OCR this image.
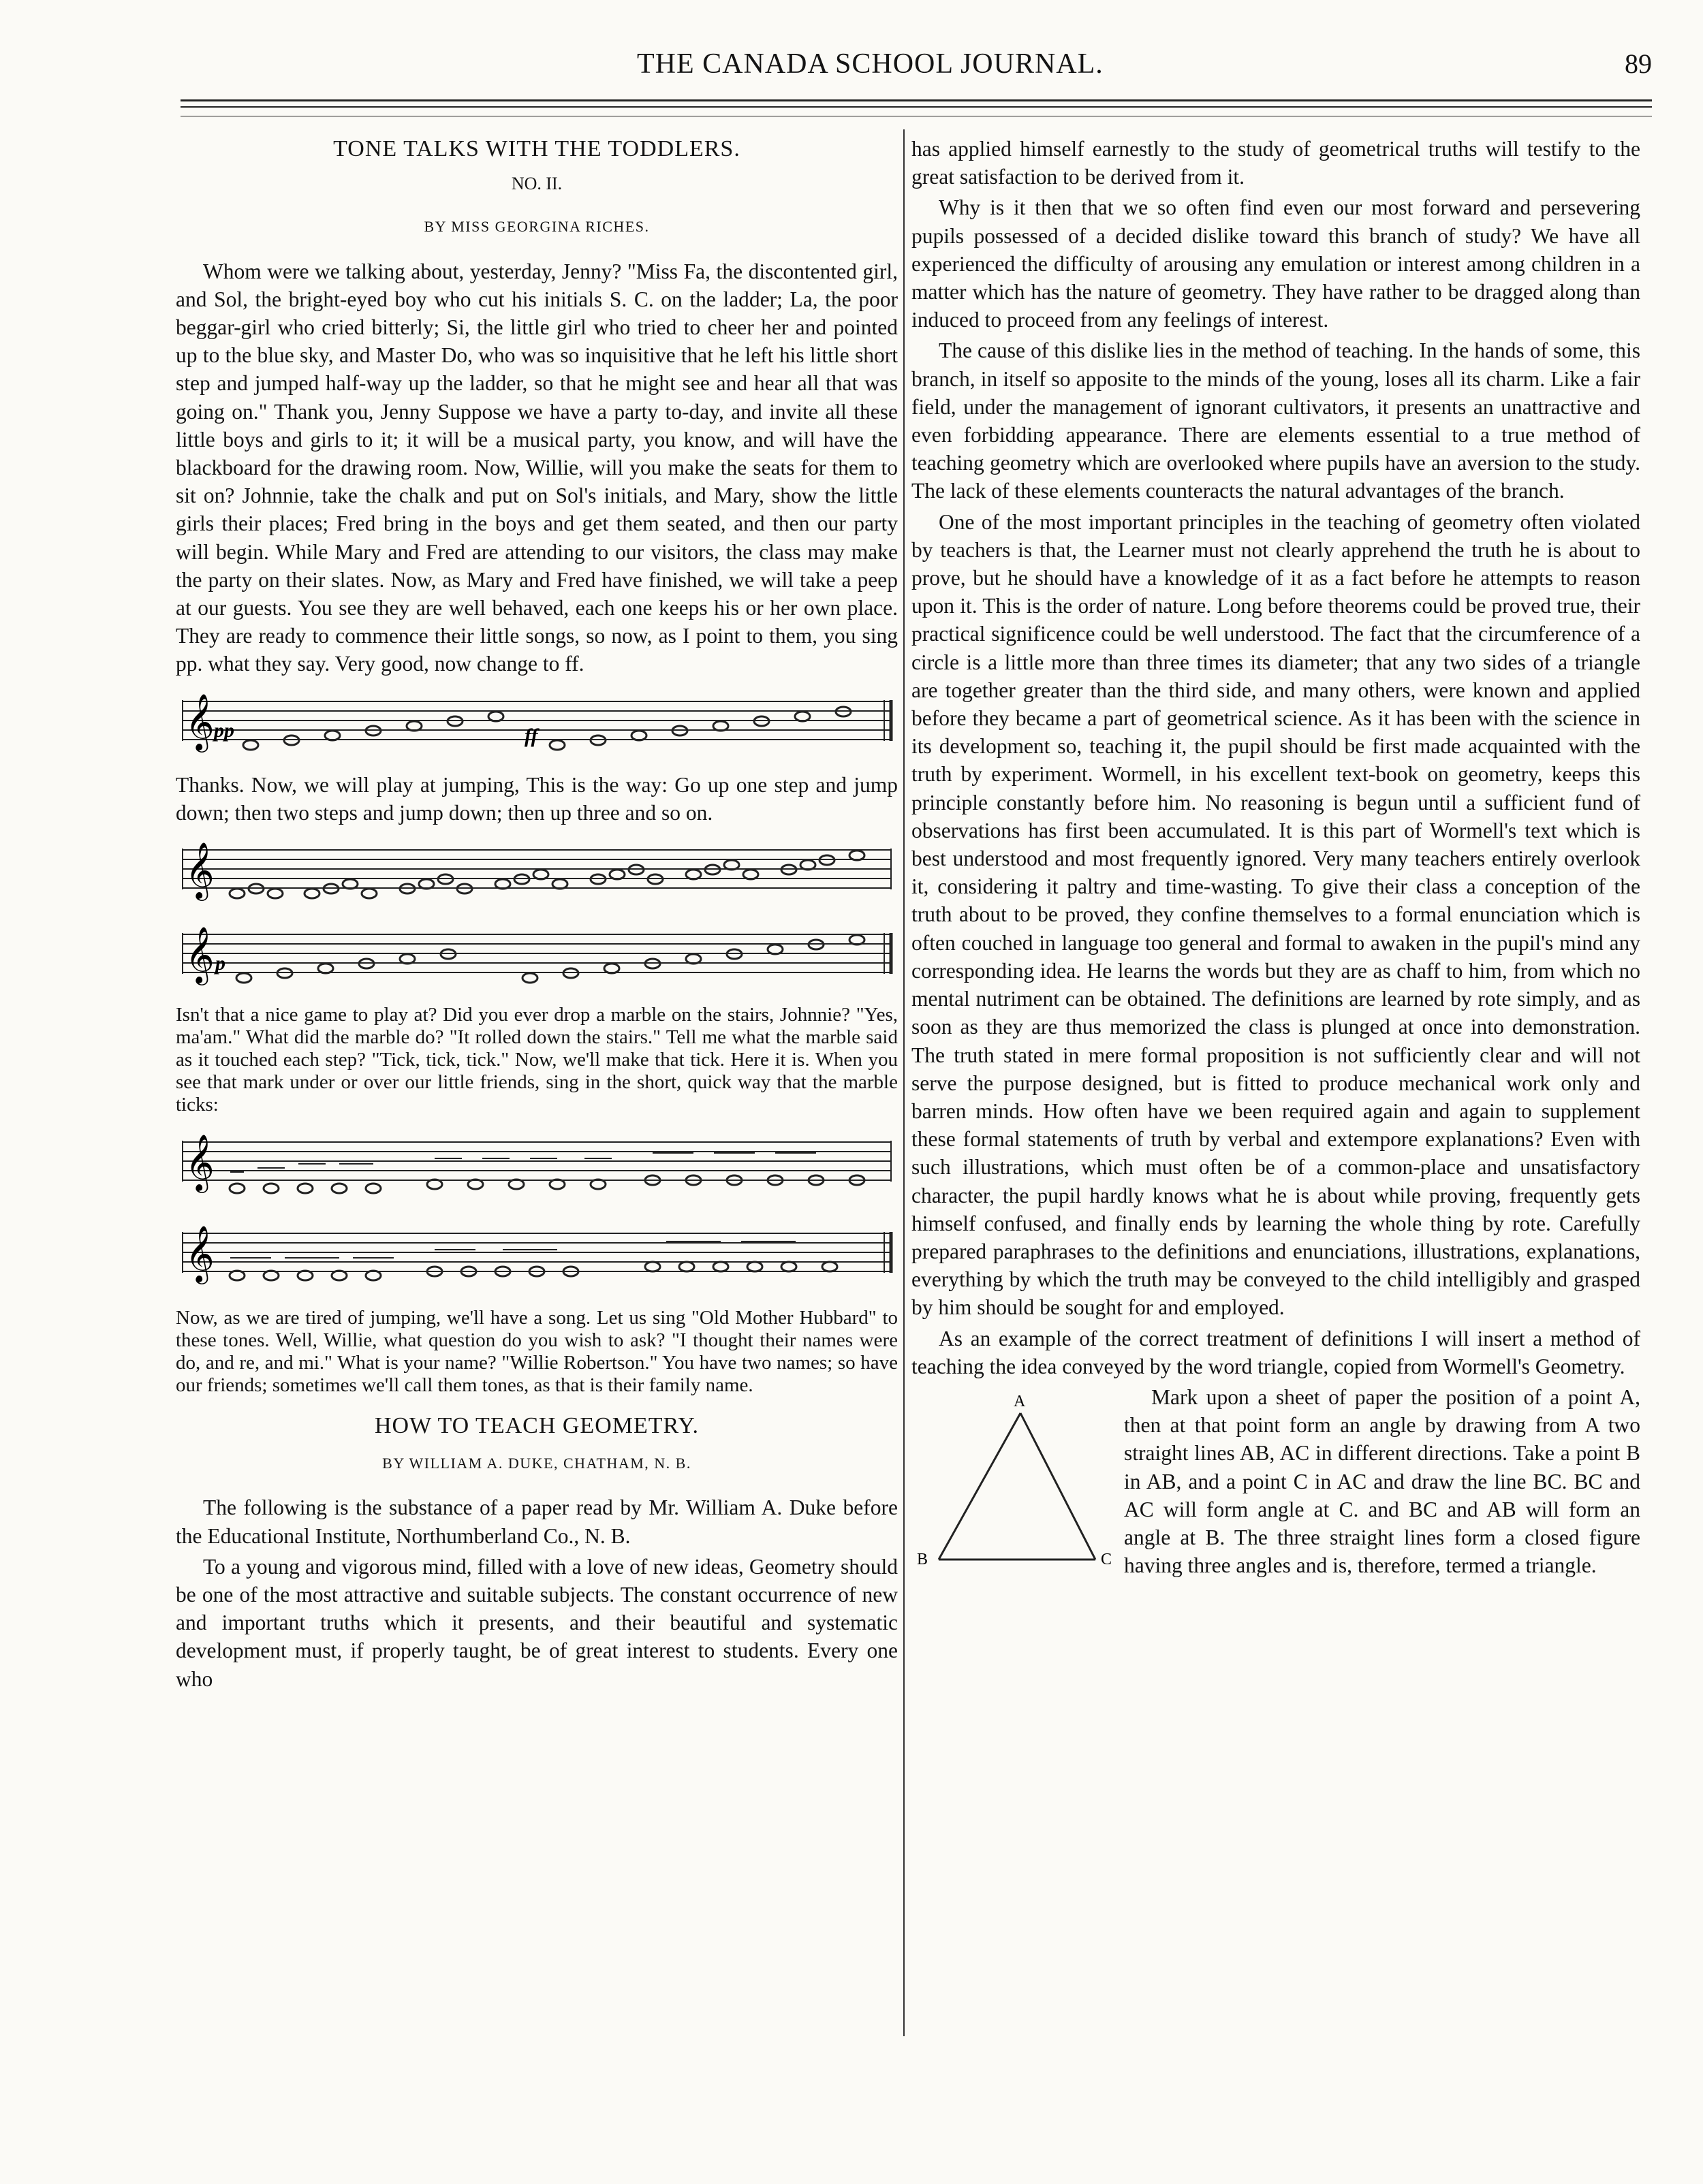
THE CANADA SCHOOL JOURNAL.	89
TONE TALKS WITH THE TODDLERS.
NO. II.
BY MISS GEORGINA RICHES.

Whom were we talking about, yesterday, Jenny? "Miss Fa, the discontented girl, and Sol, the bright-eyed boy who cut his initials S. C. on the ladder; La, the poor beggar-girl who cried bitterly; Si, the little girl who tried to cheer her and pointed up to the blue sky, and Master Do, who was so inquisitive that he left his little short step and jumped half-way up the ladder, so that he might see and hear all that was going on." Thank you, Jenny Suppose we have a party to-day, and invite all these little boys and girls to it; it will be a musical party, you know, and will have the blackboard for the drawing room. Now, Willie, will you make the seats for them to sit on? Johnnie, take the chalk and put on Sol's initials, and Mary, show the little girls their places; Fred bring in the boys and get them seated, and then our party will begin. While Mary and Fred are attending to our visitors, the class may make the party on their slates. Now, as Mary and Fred have finished, we will take a peep at our guests. You see they are well behaved, each one keeps his or her own place. They are ready to commence their little songs, so now, as I point to them, you sing pp. what they say. Very good, now change to ff.

𝄞 pp	ff

Thanks. Now, we will play at jumping, This is the way: Go up one step and jump down; then two steps and jump down; then up three and so on.

𝄞
𝄞 p

Isn't that a nice game to play at? Did you ever drop a marble on the stairs, Johnnie? "Yes, ma'am." What did the marble do? "It rolled down the stairs." Tell me what the marble said as it touched each step? "Tick, tick, tick." Now, we'll make that tick. Here it is. When you see that mark under or over our little friends, sing in the short, quick way that the marble ticks:

𝄞
𝄞

Now, as we are tired of jumping, we'll have a song. Let us sing "Old Mother Hubbard" to these tones. Well, Willie, what question do you wish to ask? "I thought their names were do, and re, and mi." What is your name? "Willie Robertson." You have two names; so have our friends; sometimes we'll call them tones, as that is their family name.

HOW TO TEACH GEOMETRY.
BY WILLIAM A. DUKE, CHATHAM, N. B.

The following is the substance of a paper read by Mr. William A. Duke before the Educational Institute, Northumberland Co., N. B.

To a young and vigorous mind, filled with a love of new ideas, Geometry should be one of the most attractive and suitable subjects. The constant occurrence of new and important truths which it presents, and their beautiful and systematic development must, if properly taught, be of great interest to students. Every one who

has applied himself earnestly to the study of geometrical truths will testify to the great satisfaction to be derived from it.

Why is it then that we so often find even our most forward and persevering pupils possessed of a decided dislike toward this branch of study? We have all experienced the difficulty of arousing any emulation or interest among children in a matter which has the nature of geometry. They have rather to be dragged along than induced to proceed from any feelings of interest.

The cause of this dislike lies in the method of teaching. In the hands of some, this branch, in itself so apposite to the minds of the young, loses all its charm. Like a fair field, under the management of ignorant cultivators, it presents an unattractive and even forbidding appearance. There are elements essential to a true method of teaching geometry which are overlooked where pupils have an aversion to the study. The lack of these elements counteracts the natural advantages of the branch.

One of the most important principles in the teaching of geometry often violated by teachers is that, the Learner must not clearly apprehend the truth he is about to prove, but he should have a knowledge of it as a fact before he attempts to reason upon it. This is the order of nature. Long before theorems could be proved true, their practical significence could be well understood. The fact that the circumference of a circle is a little more than three times its diameter; that any two sides of a triangle are together greater than the third side, and many others, were known and applied before they became a part of geometrical science. As it has been with the science in its development so, teaching it, the pupil should be first made acquainted with the truth by experiment. Wormell, in his excellent text-book on geometry, keeps this principle constantly before him. No reasoning is begun until a sufficient fund of observations has first been accumulated. It is this part of Wormell's text which is best understood and most frequently ignored. Very many teachers entirely overlook it, considering it paltry and time-wasting. To give their class a conception of the truth about to be proved, they confine themselves to a formal enunciation which is often couched in language too general and formal to awaken in the pupil's mind any corresponding idea. He learns the words but they are as chaff to him, from which no mental nutriment can be obtained. The definitions are learned by rote simply, and as soon as they are thus memorized the class is plunged at once into demonstration. The truth stated in mere formal proposition is not sufficiently clear and will not serve the purpose designed, but is fitted to produce mechanical work only and barren minds. How often have we been required again and again to supplement these formal statements of truth by verbal and extempore explanations? Even with such illustrations, which must often be of a common-place and unsatisfactory character, the pupil hardly knows what he is about while proving, frequently gets himself confused, and finally ends by learning the whole thing by rote. Carefully prepared paraphrases to the definitions and enunciations, illustrations, explanations, everything by which the truth may be conveyed to the child intelligibly and grasped by him should be sought for and employed.

As an example of the correct treatment of definitions I will insert a method of teaching the idea conveyed by the word triangle, copied from Wormell's Geometry.

A
B	C

Mark upon a sheet of paper the position of a point A, then at that point form an angle by drawing from A two straight lines AB, AC in different directions. Take a point B in AB, and a point C in AC and draw the line BC. BC and AC will form angle at C. and BC and AB will form an angle at B. The three straight lines form a closed figure having three angles and is, therefore, termed a triangle.
